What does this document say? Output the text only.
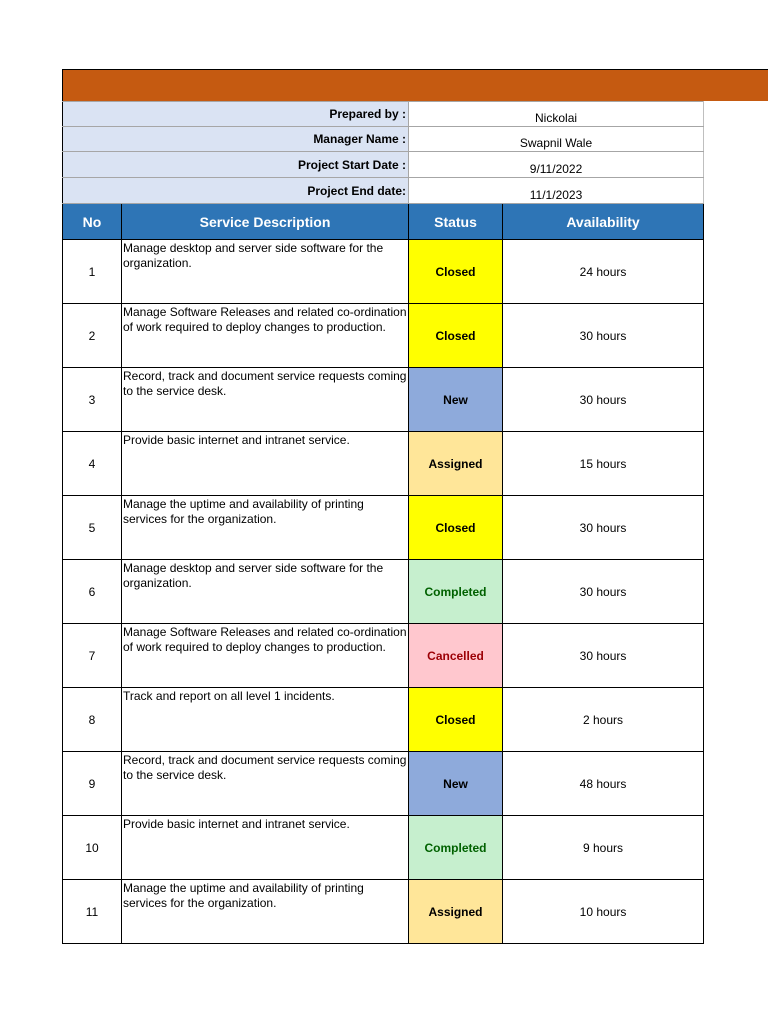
Prepared by :		Nickolai	
Manager Name :		Swapnil Wale	
Project Start Date :		9/11/2022	
Project End date:		11/1/2023	
No	Service Description	Status	Availability
1	Manage desktop and server side software for the organization.	Closed	24 hours
2	Manage Software Releases and related co-ordination of work required to deploy changes to production.	Closed	30 hours
3	Record, track and document service requests coming to the service desk.	New	30 hours
4	Provide basic internet and intranet service.	Assigned	15 hours
5	Manage the uptime and availability of printing services for the organization.	Closed	30 hours
6	Manage desktop and server side software for the organization.	Completed	30 hours
7	Manage Software Releases and related co-ordination of work required to deploy changes to production.	Cancelled	30 hours
8	Track and report on all level 1 incidents.	Closed	2 hours
9	Record, track and document service requests coming to the service desk.	New	48 hours
10	Provide basic internet and intranet service.	Completed	9 hours
11	Manage the uptime and availability of printing services for the organization.	Assigned	10 hours
